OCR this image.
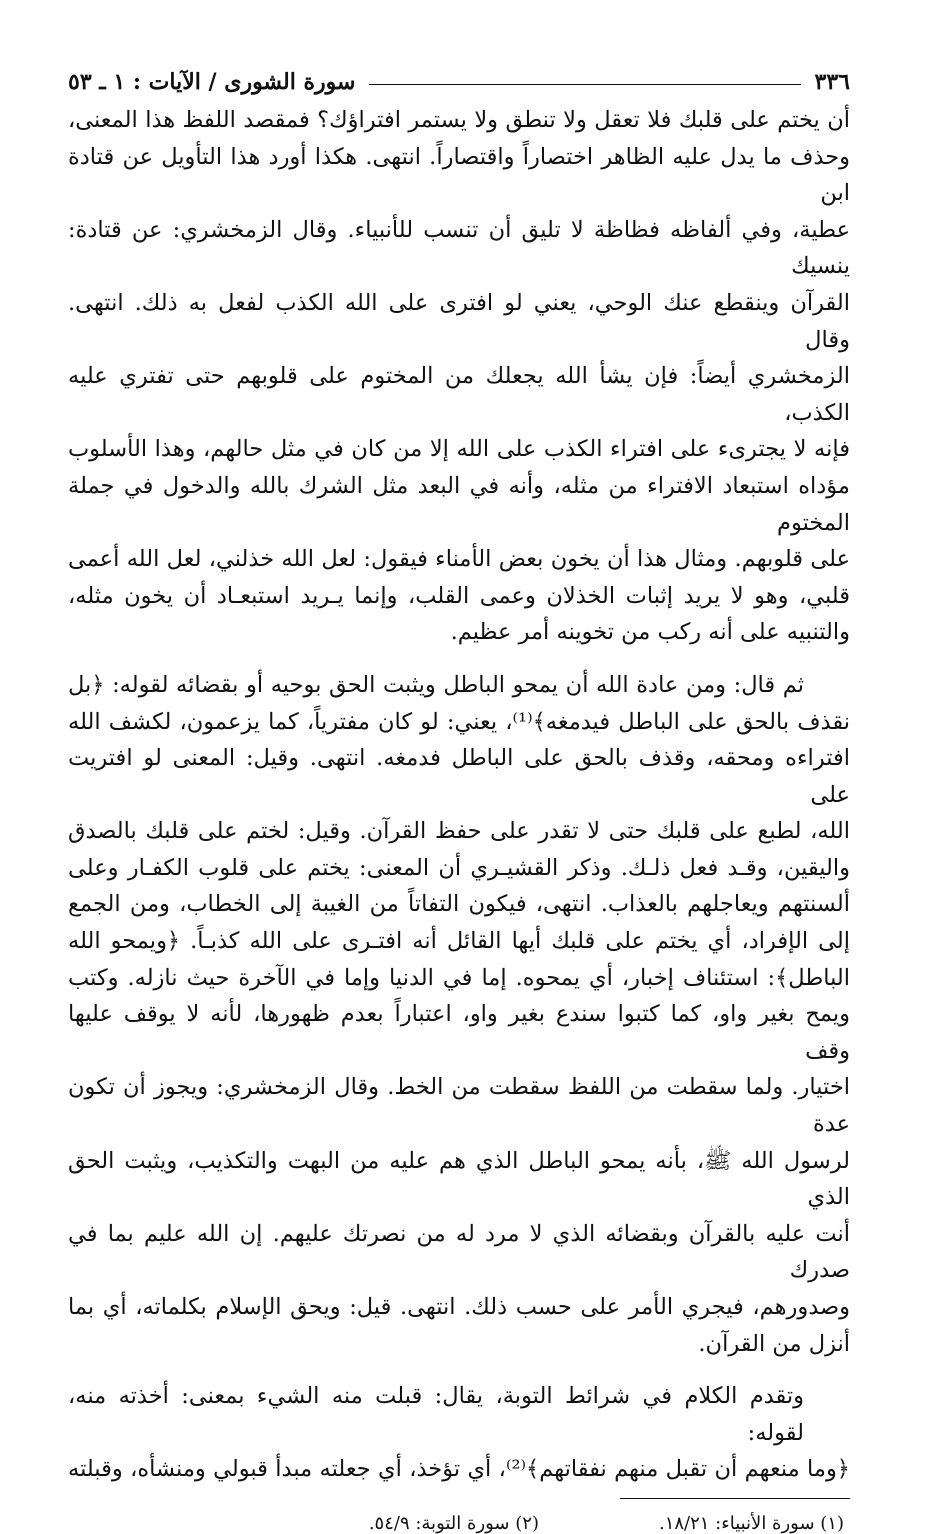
٣٣٦
سورة الشورى / الآيات : ١ ـ ٥٣

أن يختم على قلبك فلا تعقل ولا تنطق ولا يستمر افتراؤك؟ فمقصد اللفظ هذا المعنى،
وحذف ما يدل عليه الظاهر اختصاراً واقتصاراً. انتهى. هكذا أورد هذا التأويل عن قتادة ابن
عطية، وفي ألفاظه فظاظة لا تليق أن تنسب للأنبياء. وقال الزمخشري: عن قتادة: ينسيك
القرآن وينقطع عنك الوحي، يعني لو افترى على الله الكذب لفعل به ذلك. انتهى. وقال
الزمخشري أيضاً: فإن يشأ الله يجعلك من المختوم على قلوبهم حتى تفتري عليه الكذب،
فإنه لا يجترىء على افتراء الكذب على الله إلا من كان في مثل حالهم، وهذا الأسلوب
مؤداه استبعاد الافتراء من مثله، وأنه في البعد مثل الشرك بالله والدخول في جملة المختوم
على قلوبهم. ومثال هذا أن يخون بعض الأمناء فيقول: لعل الله خذلني، لعل الله أعمى
قلبي، وهو لا يريد إثبات الخذلان وعمى القلب، وإنما يـريد استبعـاد أن يخون مثله،
والتنبيه على أنه ركب من تخوينه أمر عظيم.

ثم قال: ومن عادة الله أن يمحو الباطل ويثبت الحق بوحيه أو بقضائه لقوله: ﴿بل
نقذف بالحق على الباطل فيدمغه﴾⁽¹⁾، يعني: لو كان مفترياً، كما يزعمون، لكشف الله
افتراءه ومحقه، وقذف بالحق على الباطل فدمغه. انتهى. وقيل: المعنى لو افتريت على
الله، لطبع على قلبك حتى لا تقدر على حفظ القرآن. وقيل: لختم على قلبك بالصدق
واليقين، وقـد فعل ذلـك. وذكر القشيـري أن المعنى: يختم على قلوب الكفـار وعلى
ألسنتهم ويعاجلهم بالعذاب. انتهى، فيكون التفاتاً من الغيبة إلى الخطاب، ومن الجمع
إلى الإفراد، أي يختم على قلبك أيها القائل أنه افتـرى على الله كذبـاً. ﴿ويمحو الله
الباطل﴾: استئناف إخبار، أي يمحوه. إما في الدنيا وإما في الآخرة حيث نازله. وكتب
ويمح بغير واو، كما كتبوا سندع بغير واو، اعتباراً بعدم ظهورها، لأنه لا يوقف عليها وقف
اختيار. ولما سقطت من اللفظ سقطت من الخط. وقال الزمخشري: ويجوز أن تكون عدة
لرسول الله ﷺ، بأنه يمحو الباطل الذي هم عليه من البهت والتكذيب، ويثبت الحق الذي
أنت عليه بالقرآن وبقضائه الذي لا مرد له من نصرتك عليهم. إن الله عليم بما في صدرك
وصدورهم، فيجري الأمر على حسب ذلك. انتهى. قيل: ويحق الإسلام بكلماته، أي بما
أنزل من القرآن.

وتقدم الكلام في شرائط التوبة، يقال: قبلت منه الشيء بمعنى: أخذته منه، لقوله:
﴿وما منعهم أن تقبل منهم نفقاتهم﴾⁽²⁾، أي تؤخذ، أي جعلته مبدأ قبولي ومنشأه، وقبلته

(١) سورة الأنبياء: ١٨/٢١.
(٢) سورة التوبة: ٥٤/٩.
